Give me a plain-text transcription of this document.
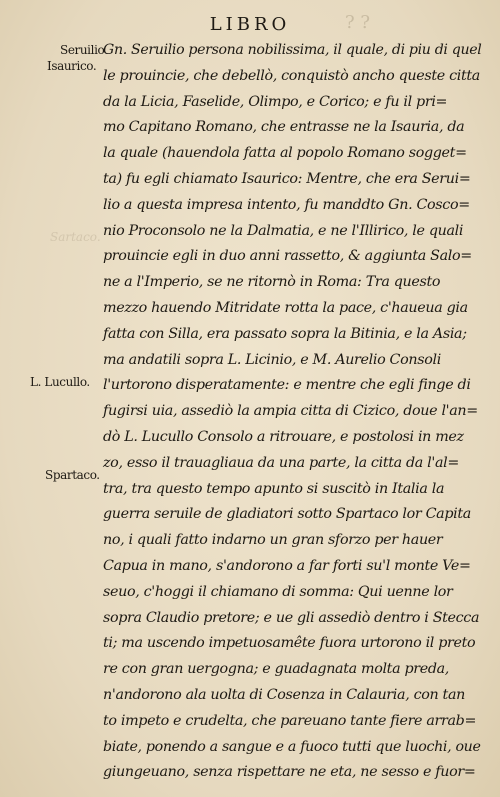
LIBRO	? ?
Sartaco.
Seruilio
Isaurico.
L. Lucullo.
Spartaco.
Gn. Seruilio persona nobilissima, il quale, di piu di quel
le prouincie, che debellò, conquistò ancho queste citta
da la Licia, Faselide, Olimpo, e Corico; e fu il pri=
mo Capitano Romano, che entrasse ne la Isauria, da
la quale (hauendola fatta al popolo Romano sogget=
ta) fu egli chiamato Isaurico: Mentre, che era Serui=
lio a questa impresa intento, fu manddto Gn. Cosco=
nio Proconsolo ne la Dalmatia, e ne l'Illirico, le quali
prouincie egli in duo anni rassetto, & aggiunta Salo=
ne a l'Imperio, se ne ritornò in Roma: Tra questo
mezzo hauendo Mitridate rotta la pace, c'haueua gia
fatta con Silla, era passato sopra la Bitinia, e la Asia;
ma andatili sopra L. Licinio, e M. Aurelio Consoli
l'urtorono disperatamente: e mentre che egli finge di
fugirsi uia, assediò la ampia citta di Cizico, doue l'an=
dò L. Lucullo Consolo a ritrouare, e postolosi in mez
zo, esso il trauagliaua da una parte, la citta da l'al=
tra, tra questo tempo apunto si suscitò in Italia la
guerra seruile de gladiatori sotto Spartaco lor Capita
no, i quali fatto indarno un gran sforzo per hauer
Capua in mano, s'andorono a far forti su'l monte Ve=
seuo, c'hoggi il chiamano di somma: Qui uenne lor
sopra Claudio pretore; e ue gli assediò dentro i Stecca
ti; ma uscendo impetuosamête fuora urtorono il preto
re con gran uergogna; e guadagnata molta preda,
n'andorono ala uolta di Cosenza in Calauria, con tan
to impeto e crudelta, che pareuano tante fiere arrab=
biate, ponendo a sangue e a fuoco tutti que luochi, oue
giungeuano, senza rispettare ne eta, ne sesso e fuor=
